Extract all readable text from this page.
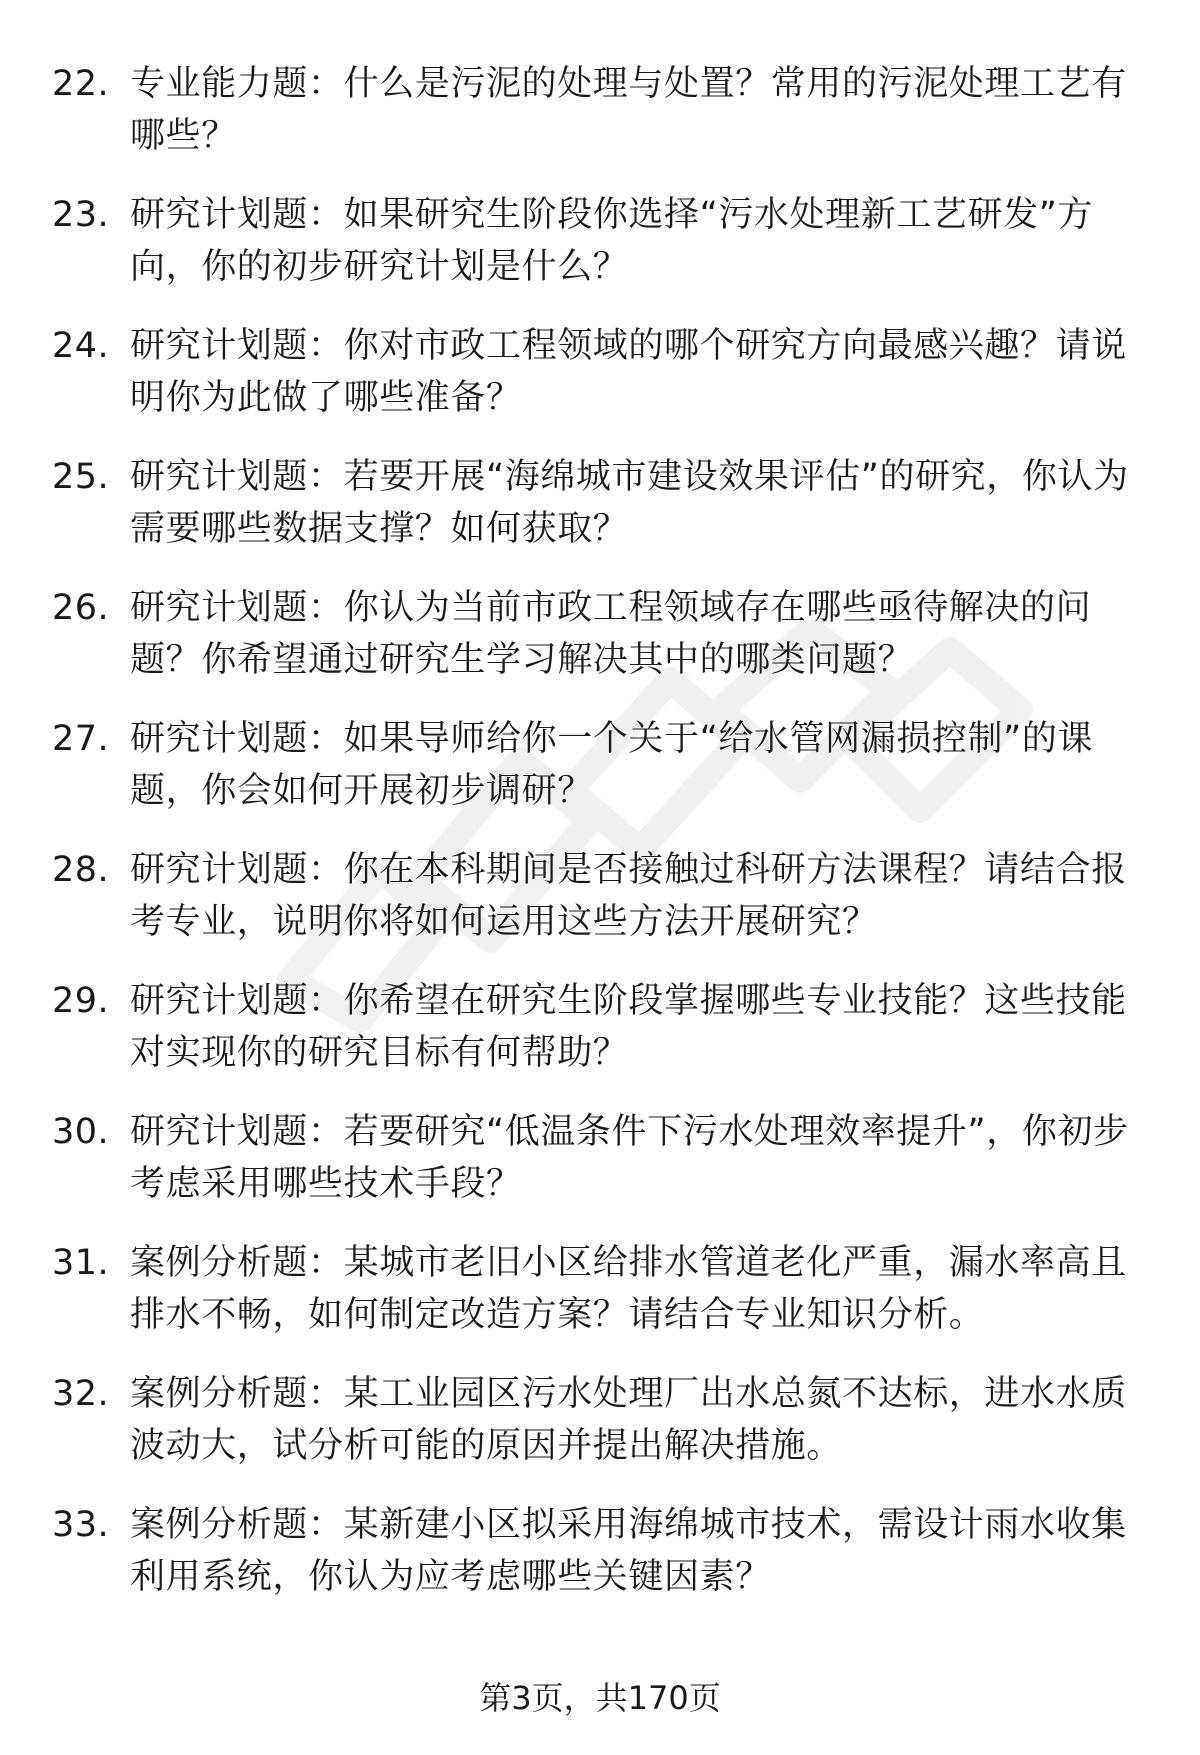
22. 专业能力题：什么是污泥的处理与处置？常用的污泥处理工艺有哪些？
23. 研究计划题：如果研究生阶段你选择“污水处理新工艺研发”方向，你的初步研究计划是什么？
24. 研究计划题：你对市政工程领域的哪个研究方向最感兴趣？请说明你为此做了哪些准备？
25. 研究计划题：若要开展“海绵城市建设效果评估”的研究，你认为需要哪些数据支撑？如何获取？
26. 研究计划题：你认为当前市政工程领域存在哪些亟待解决的问题？你希望通过研究生学习解决其中的哪类问题？
27. 研究计划题：如果导师给你一个关于“给水管网漏损控制”的课题，你会如何开展初步调研？
28. 研究计划题：你在本科期间是否接触过科研方法课程？请结合报考专业，说明你将如何运用这些方法开展研究？
29. 研究计划题：你希望在研究生阶段掌握哪些专业技能？这些技能对实现你的研究目标有何帮助？
30. 研究计划题：若要研究“低温条件下污水处理效率提升”，你初步考虑采用哪些技术手段？
31. 案例分析题：某城市老旧小区给排水管道老化严重，漏水率高且排水不畅，如何制定改造方案？请结合专业知识分析。
32. 案例分析题：某工业园区污水处理厂出水总氮不达标，进水水质波动大，试分析可能的原因并提出解决措施。
33. 案例分析题：某新建小区拟采用海绵城市技术，需设计雨水收集利用系统，你认为应考虑哪些关键因素？
第3页，共170页
